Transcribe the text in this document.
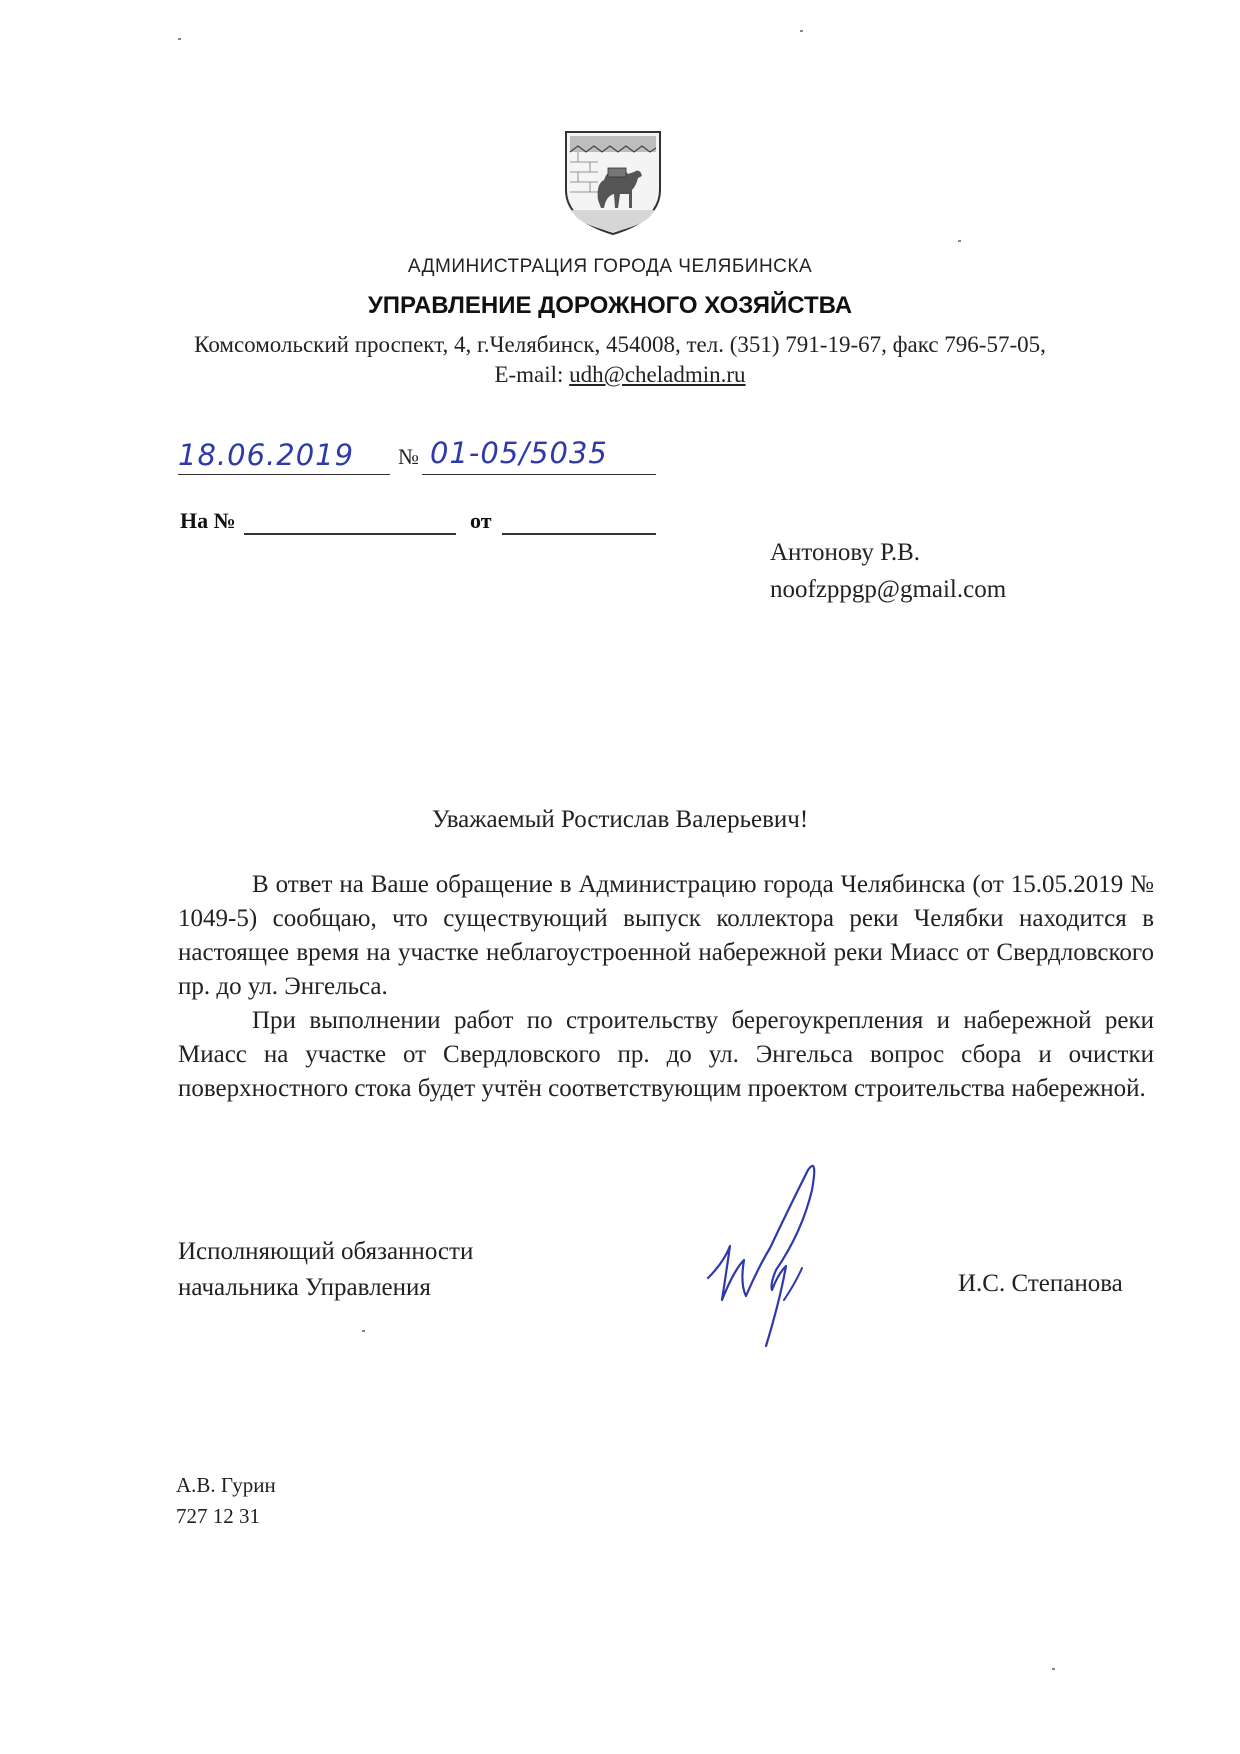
АДМИНИСТРАЦИЯ ГОРОДА ЧЕЛЯБИНСКА
УПРАВЛЕНИЕ ДОРОЖНОГО ХОЗЯЙСТВА
Комсомольский проспект, 4, г.Челябинск, 454008, тел. (351) 791-19-67, факс 796-57-05,
E-mail: udh@cheladmin.ru
18.06.2019 № 01-05/5035
На №	от
Антонову Р.В.
noofzppgp@gmail.com
Уважаемый Ростислав Валерьевич!

В ответ на Ваше обращение в Администрацию города Челябинска (от 15.05.2019 № 1049-5) сообщаю, что существующий выпуск коллектора реки Челябки находится в настоящее время на участке неблагоустроенной набережной реки Миасс от Свердловского пр. до ул. Энгельса.

При выполнении работ по строительству берегоукрепления и набережной реки Миасс на участке от Свердловского пр. до ул. Энгельса вопрос сбора и очистки поверхностного стока будет учтён соответствующим проектом строительства набережной.

Исполняющий обязанности
начальника Управления	И.С. Степанова
А.В. Гурин
727 12 31
